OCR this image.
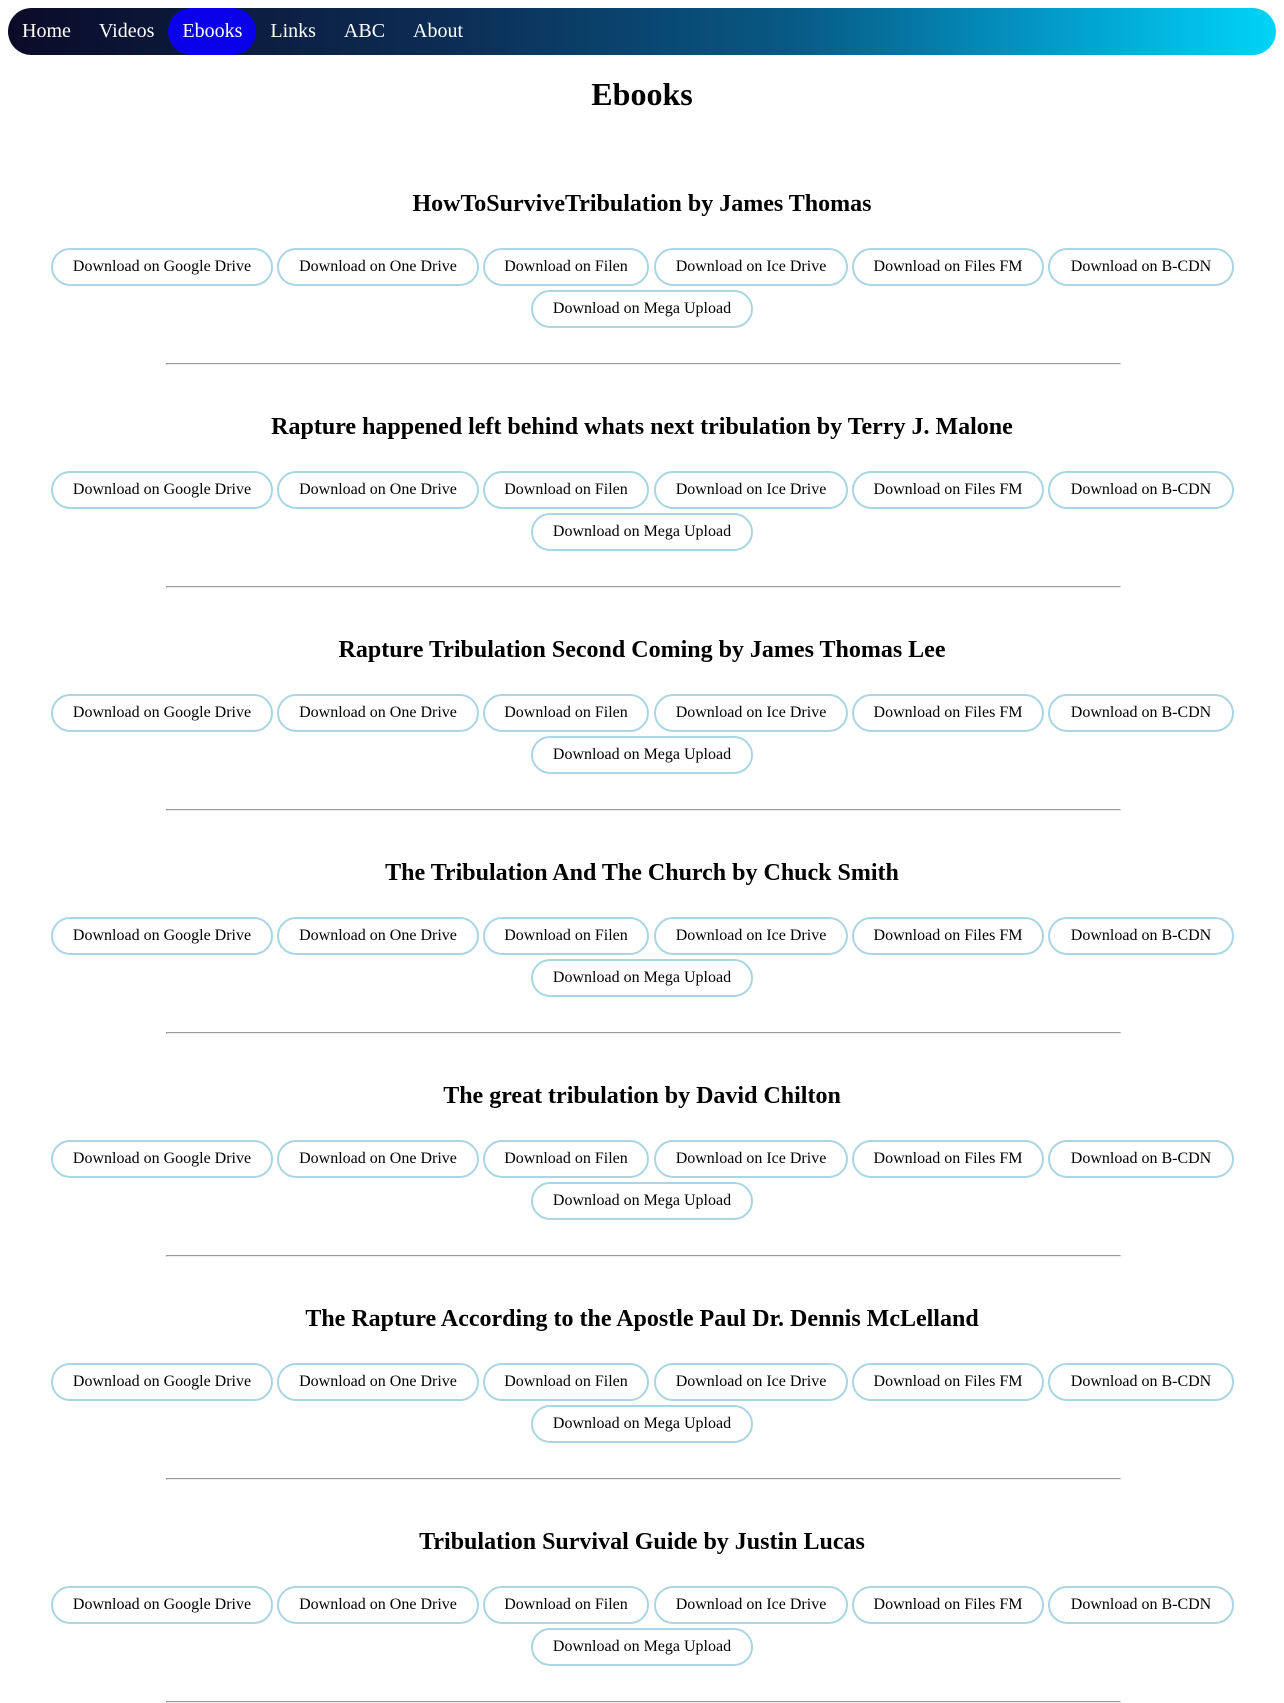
Home	Videos	Ebooks	Links	ABC	About
Ebooks
HowToSurviveTribulation by James Thomas
Download on Google Drive	Download on One Drive	Download on Filen	Download on Ice Drive	Download on Files FM	Download on B-CDN
Download on Mega Upload
Rapture happened left behind whats next tribulation by Terry J. Malone
Download on Google Drive	Download on One Drive	Download on Filen	Download on Ice Drive	Download on Files FM	Download on B-CDN
Download on Mega Upload
Rapture Tribulation Second Coming by James Thomas Lee
Download on Google Drive	Download on One Drive	Download on Filen	Download on Ice Drive	Download on Files FM	Download on B-CDN
Download on Mega Upload
The Tribulation And The Church by Chuck Smith
Download on Google Drive	Download on One Drive	Download on Filen	Download on Ice Drive	Download on Files FM	Download on B-CDN
Download on Mega Upload
The great tribulation by David Chilton
Download on Google Drive	Download on One Drive	Download on Filen	Download on Ice Drive	Download on Files FM	Download on B-CDN
Download on Mega Upload
The Rapture According to the Apostle Paul Dr. Dennis McLelland
Download on Google Drive	Download on One Drive	Download on Filen	Download on Ice Drive	Download on Files FM	Download on B-CDN
Download on Mega Upload
Tribulation Survival Guide by Justin Lucas
Download on Google Drive	Download on One Drive	Download on Filen	Download on Ice Drive	Download on Files FM	Download on B-CDN
Download on Mega Upload
